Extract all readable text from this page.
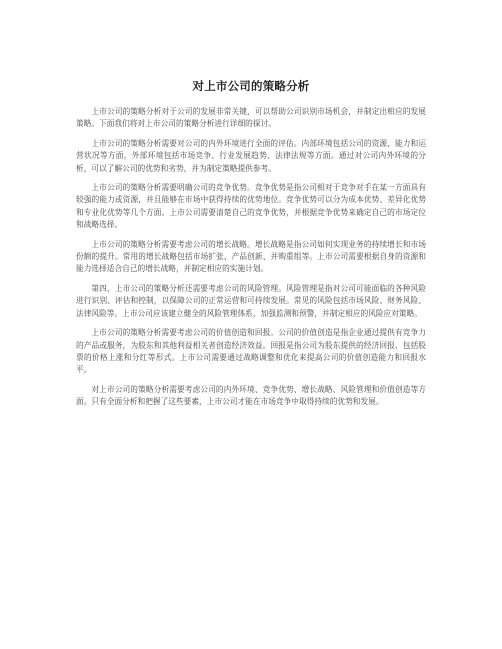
对上市公司的策略分析

上市公司的策略分析对于公司的发展非常关键，可以帮助公司识别市场机会，并制定出相应的发展策略。下面我们将对上市公司的策略分析进行详细的探讨。

上市公司的策略分析需要对公司的内外环境进行全面的评估。内部环境包括公司的资源、能力和运营状况等方面，外部环境包括市场竞争、行业发展趋势、法律法规等方面。通过对公司内外环境的分析，可以了解公司的优势和劣势，并为制定策略提供参考。

上市公司的策略分析需要明确公司的竞争优势。竞争优势是指公司相对于竞争对手在某一方面具有较强的能力或资源，并且能够在市场中获得持续的优势地位。竞争优势可以分为成本优势、差异化优势和专业化优势等几个方面。上市公司需要清楚自己的竞争优势，并根据竞争优势来确定自己的市场定位和战略选择。

上市公司的策略分析需要考虑公司的增长战略。增长战略是指公司如何实现业务的持续增长和市场份额的提升。常用的增长战略包括市场扩张、产品创新、并购重组等。上市公司需要根据自身的资源和能力选择适合自己的增长战略，并制定相应的实施计划。

第四，上市公司的策略分析还需要考虑公司的风险管理。风险管理是指对公司可能面临的各种风险进行识别、评估和控制，以保障公司的正常运营和可持续发展。常见的风险包括市场风险、财务风险、法律风险等。上市公司应该建立健全的风险管理体系，加强监测和预警，并制定相应的风险应对策略。

上市公司的策略分析需要考虑公司的价值创造和回报。公司的价值创造是指企业通过提供有竞争力的产品或服务，为股东和其他利益相关者创造经济效益。回报是指公司为股东提供的经济回报，包括股票的价格上涨和分红等形式。上市公司需要通过战略调整和优化来提高公司的价值创造能力和回报水平。

对上市公司的策略分析需要考虑公司的内外环境、竞争优势、增长战略、风险管理和价值创造等方面。只有全面分析和把握了这些要素，上市公司才能在市场竞争中取得持续的优势和发展。
